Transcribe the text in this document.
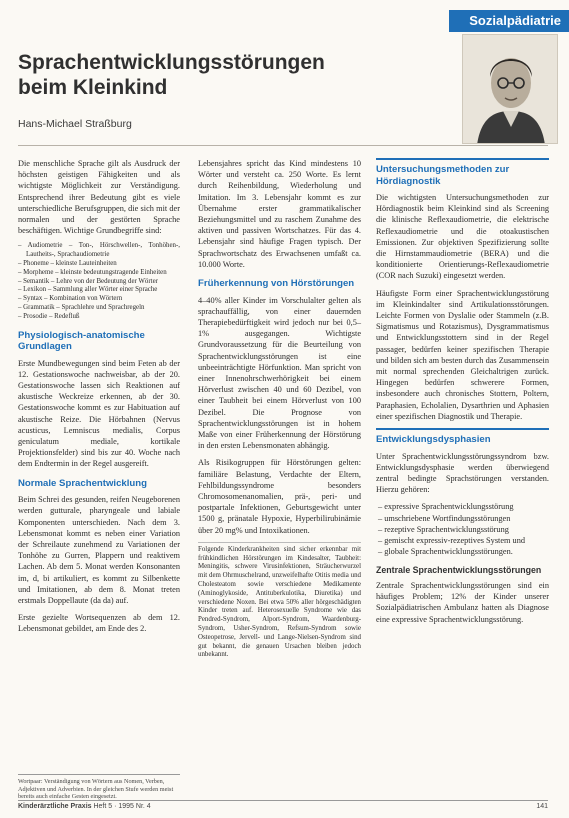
Sozialpädiatrie
Sprachentwicklungsstörungen
beim Kleinkind
Hans-Michael Straßburg

Die menschliche Sprache gilt als Ausdruck der höchsten geistigen Fähigkeiten und als wichtigste Möglichkeit zur Verständigung. Entsprechend ihrer Bedeutung gibt es viele unterschiedliche Berufsgruppen, die sich mit der normalen und der gestörten Sprache beschäftigen. Wichtige Grundbegriffe sind:

– Audiometrie – Ton-, Hörschwellen-, Tonhöhen-, Lautheits-, Sprachaudiometrie
– Phoneme – kleinste Lauteinheiten
– Morpheme – kleinste bedeutungstragende Einheiten
– Semantik – Lehre von der Bedeutung der Wörter
– Lexikon – Sammlung aller Wörter einer Sprache
– Syntax – Kombination von Wörtern
– Grammatik – Sprachlehre und Sprachregeln
– Prosodie – Redefluß
Physiologisch-anatomische Grundlagen

Erste Mundbewegungen sind beim Feten ab der 12. Gestationswoche nachweisbar, ab der 20. Gestationswoche lassen sich Reaktionen auf akustische Weckreize erkennen, ab der 30. Gestationswoche kommt es zur Habituation auf akustische Reize. Die Hörbahnen (Nervus acusticus, Lemniscus medialis, Corpus geniculatum mediale, kortikale Projektionsfelder) sind bis zur 40. Woche nach dem Endtermin in der Regel ausgereift.

Normale Sprachentwicklung

Beim Schrei des gesunden, reifen Neugeborenen werden gutturale, pharyngeale und labiale Komponenten unterschieden. Nach dem 3. Lebensmonat kommt es neben einer Variation der Schreilaute zunehmend zu Variationen der Tonhöhe zu Gurren, Plappern und reaktivem Lachen. Ab dem 5. Monat werden Konsonanten im, d, bi artikuliert, es kommt zu Silbenkette und Imitationen, ab dem 8. Monat treten erstmals Doppellaute (da da) auf.

Erste gezielte Wortsequenzen ab dem 12. Lebensmonat gebildet, am Ende des 2.

Wortpaar: Verständigung von Wörtern aus Nomen, Verben, Adjektiven und Adverbien. In der gleichen Stufe werden meist bereits auch einfache Gesten eingesetzt.

Lebensjahres spricht das Kind mindestens 10 Wörter und versteht ca. 250 Worte. Es lernt durch Reihenbildung, Wiederholung und Imitation. Im 3. Lebensjahr kommt es zur Übernahme erster grammatikalischer Beziehungsmittel und zu raschem Zunahme des aktiven und passiven Wortschatzes. Für das 4. Lebensjahr sind häufige Fragen typisch. Der Sprachwortschatz des Erwachsenen umfaßt ca. 10.000 Worte.

Früherkennung von Hörstörungen

4–40% aller Kinder im Vorschulalter gelten als sprachauffällig, von einer dauernden Therapiebedürftigkeit wird jedoch nur bei 0,5–1% ausgegangen. Wichtigste Grundvoraussetzung für die Beurteilung von Sprachentwicklungsstörungen ist eine unbeeinträchtigte Hörfunktion. Man spricht von einer Innenohrschwerhörigkeit bei einem Hörverlust zwischen 40 und 60 Dezibel, von einer Taubheit bei einem Hörverlust von 100 Dezibel. Die Prognose von Sprachentwicklungsstörungen ist in hohem Maße von einer Früherkennung der Hörstörung in den ersten Lebensmonaten abhängig.

Als Risikogruppen für Hörstörungen gelten: familiäre Belastung, Verdachte der Eltern, Fehlbildungssyndrome besonders Chromosomenanomalien, prä-, peri- und postpartale Infektionen, Geburtsgewicht unter 1500 g, pränatale Hypoxie, Hyperbilirubinämie über 20 mg% und Intoxikationen.

Folgende Kinderkrankheiten sind sicher erkennbar mit frühkindlichen Hörstörungen im Kindesalter, Taubheit: Meningitis, schwere Virusinfektionen, Sträucherwurzel mit dem Ohrmuschelrand, unzweifelhafte Otitis media und Cholesteatom sowie verschiedene Medikamente (Aminoglykoside, Antituberkulotika, Diuretika) und verschiedene Noxen. Bei etwa 50% aller hörgeschädigten Kinder treten auf. Heterosexuelle Syndrome wie das Pendred-Syndrom, Alport-Syndrom, Waardenburg-Syndrom, Usher-Syndrom, Refsum-Syndrom sowie Osteopetrose, Jervell- und Lange-Nielsen-Syndrom sind gut bekannt, die genauen Ursachen bleiben jedoch unbekannt.

Untersuchungsmethoden zur Hördiagnostik

Die wichtigsten Untersuchungsmethoden zur Hördiagnostik beim Kleinkind sind als Screening die klinische Reflexaudiometrie, die elektrische Reflexaudiometrie und die otoakustischen Emissionen. Zur objektiven Spezifizierung sollte die Hirnstammaudiometrie (BERA) und die konditionierte Orientierungs-Reflexaudiometrie (COR nach Suzuki) eingesetzt werden.

Häufigste Form einer Sprachentwicklungsstörung im Kleinkindalter sind Artikulationsstörungen. Leichte Formen von Dyslalie oder Stammeln (z.B. Sigmatismus und Rotazismus), Dysgrammatismus und Entwicklungsstottern sind in der Regel passager, bedürfen keiner spezifischen Therapie und bilden sich am besten durch das Zusammensein mit normal sprechenden Gleichaltrigen zurück. Hingegen bedürfen schwerere Formen, insbesondere auch chronisches Stottern, Poltern, Paraphasien, Echolalien, Dysarthrien und Aphasien einer spezifischen Diagnostik und Therapie.

Entwicklungsdysphasien

Unter Sprachentwicklungsstörungssyndrom bzw. Entwicklungsdysphasie werden überwiegend zentral bedingte Sprachstörungen verstanden. Hierzu gehören:

– expressive Sprachentwicklungsstörung
– umschriebene Wortfindungsstörungen
– rezeptive Sprachentwicklungsstörung
– gemischt expressiv-rezeptives System und
– globale Sprachentwicklungsstörungen.
Zentrale Sprachentwicklungsstörungen

Zentrale Sprachentwicklungsstörungen sind ein häufiges Problem; 12% der Kinder unserer Sozialpädiatrischen Ambulanz hatten als Diagnose eine expressive Sprachentwicklungsstörung.

Kinderärztliche Praxis Heft 5 · 1995 Nr. 4	141
